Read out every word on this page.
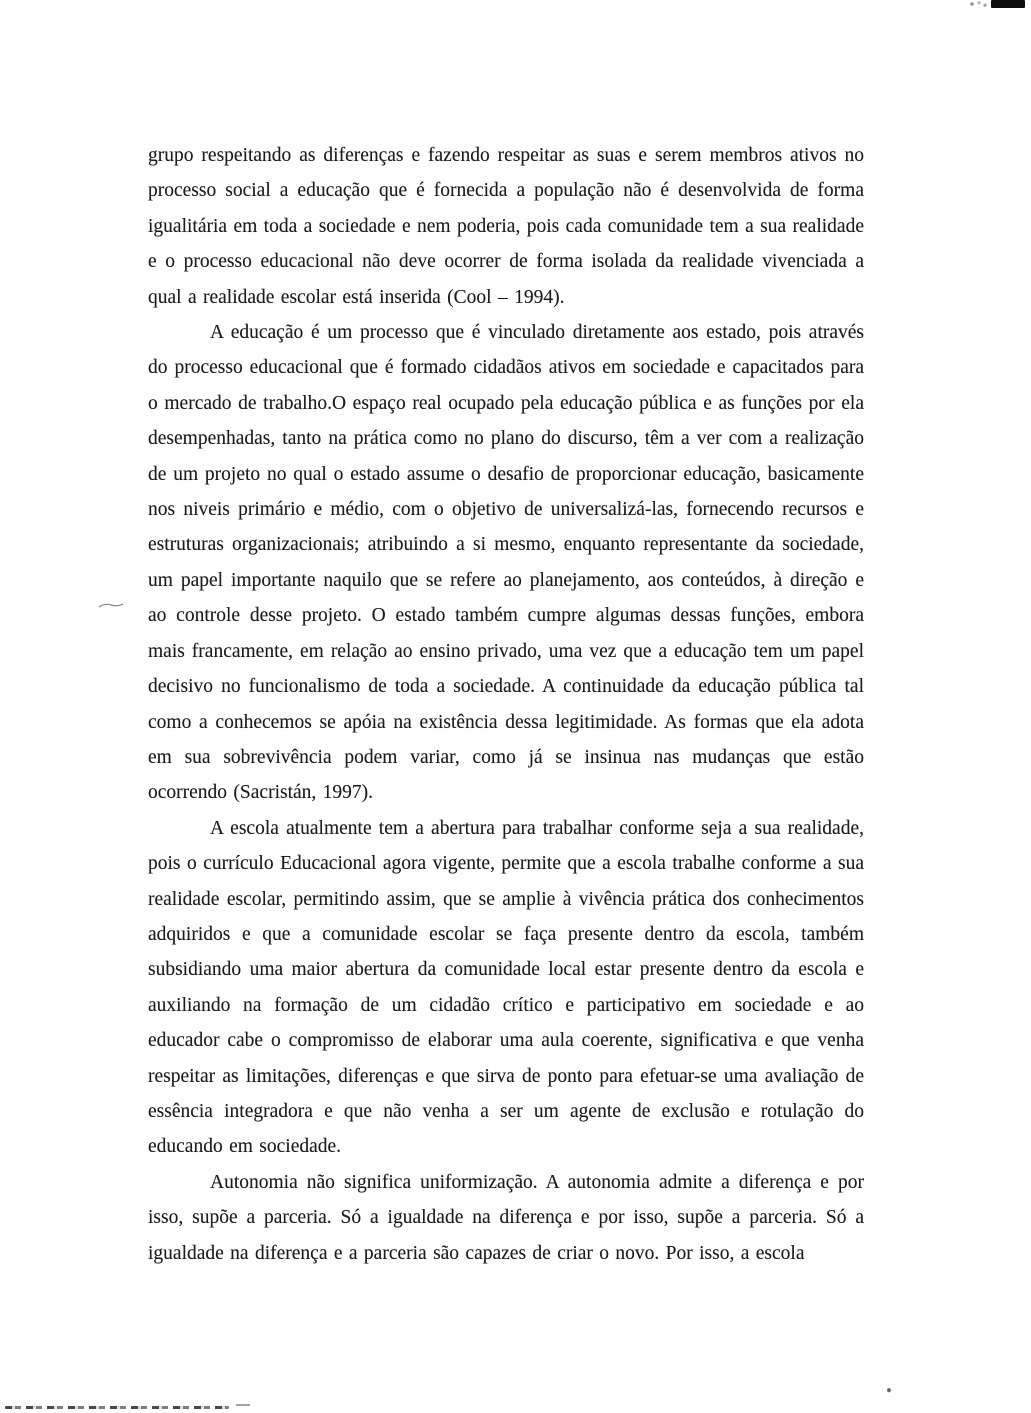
grupo respeitando as diferenças e fazendo respeitar as suas e serem membros ativos no processo social a educação que é fornecida a população não é desenvolvida de forma igualitária em toda a sociedade e nem poderia, pois cada comunidade tem a sua realidade e o processo educacional não deve ocorrer de forma isolada da realidade vivenciada a qual a realidade escolar está inserida (Cool – 1994).

A educação é um processo que é vinculado diretamente aos estado, pois através do processo educacional que é formado cidadãos ativos em sociedade e capacitados para o mercado de trabalho.O espaço real ocupado pela educação pública e as funções por ela desempenhadas, tanto na prática como no plano do discurso, têm a ver com a realização de um projeto no qual o estado assume o desafio de proporcionar educação, basicamente nos niveis primário e médio, com o objetivo de universalizá-las, fornecendo recursos e estruturas organizacionais; atribuindo a si mesmo, enquanto representante da sociedade, um papel importante naquilo que se refere ao planejamento, aos conteúdos, à direção e ao controle desse projeto. O estado também cumpre algumas dessas funções, embora mais francamente, em relação ao ensino privado, uma vez que a educação tem um papel decisivo no funcionalismo de toda a sociedade. A continuidade da educação pública tal como a conhecemos se apóia na existência dessa legitimidade. As formas que ela adota em sua sobrevivência podem variar, como já se insinua nas mudanças que estão ocorrendo (Sacristán, 1997).

A escola atualmente tem a abertura para trabalhar conforme seja a sua realidade, pois o currículo Educacional agora vigente, permite que a escola trabalhe conforme a sua realidade escolar, permitindo assim, que se amplie à vivência prática dos conhecimentos adquiridos e que a comunidade escolar se faça presente dentro da escola, também subsidiando uma maior abertura da comunidade local estar presente dentro da escola e auxiliando na formação de um cidadão crítico e participativo em sociedade e ao educador cabe o compromisso de elaborar uma aula coerente, significativa e que venha respeitar as limitações, diferenças e que sirva de ponto para efetuar-se uma avaliação de essência integradora e que não venha a ser um agente de exclusão e rotulação do educando em sociedade.

Autonomia não significa uniformização. A autonomia admite a diferença e por isso, supõe a parceria. Só a igualdade na diferença e por isso, supõe a parceria. Só a igualdade na diferença e a parceria são capazes de criar o novo. Por isso, a escola
